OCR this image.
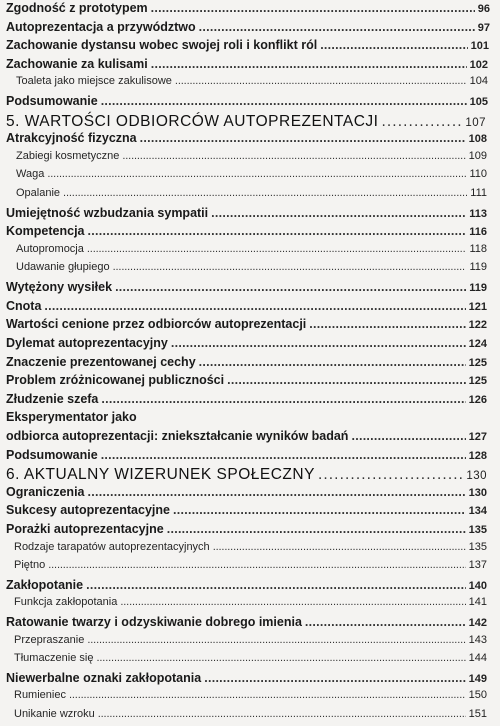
Zgodność z prototypem . . .	96
Autoprezentacja a przywództwo . . .	97
Zachowanie dystansu wobec swojej roli i konflikt ról . . .	101
Zachowanie za kulisami . . .	102
Toaleta jako miejsce zakulisowe . . .	104
Podsumowanie . . .	105
5. WARTOŚCI ODBIORCÓW AUTOPREZENTACJI . . .	107
Atrakcyjność fizyczna . . .	108
Zabiegi kosmetyczne . . .	109
Waga . . .	110
Opalanie . . .	111
Umiejętność wzbudzania sympatii . . .	113
Kompetencja . . .	116
Autopromocja . . .	118
Udawanie głupiego . . .	119
Wytężony wysiłek . . .	119
Cnota . . .	121
Wartości cenione przez odbiorców autoprezentacji . . .	122
Dylemat autoprezentacyjny . . .	124
Znaczenie prezentowanej cechy . . .	125
Problem zróżnicowanej publiczności . . .	125
Złudzenie szefa . . .	126
Eksperymentator jako
odbiorca autoprezentacji: zniekształcanie wyników badań . . .	127
Podsumowanie . . .	128
6. AKTUALNY WIZERUNEK SPOŁECZNY . . .	130
Ograniczenia . . .	130
Sukcesy autoprezentacyjne . . .	134
Porażki autoprezentacyjne . . .	135
Rodzaje tarapatów autoprezentacyjnych . . .	135
Piętno . . .	137
Zakłopotanie . . .	140
Funkcja zakłopotania . . .	141
Ratowanie twarzy i odzyskiwanie dobrego imienia . . .	142
Przepraszanie . . .	143
Tłumaczenie się . . .	144
Niewerbalne oznaki zakłopotania . . .	149
Rumieniec . . .	150
Unikanie wzroku . . .	151
